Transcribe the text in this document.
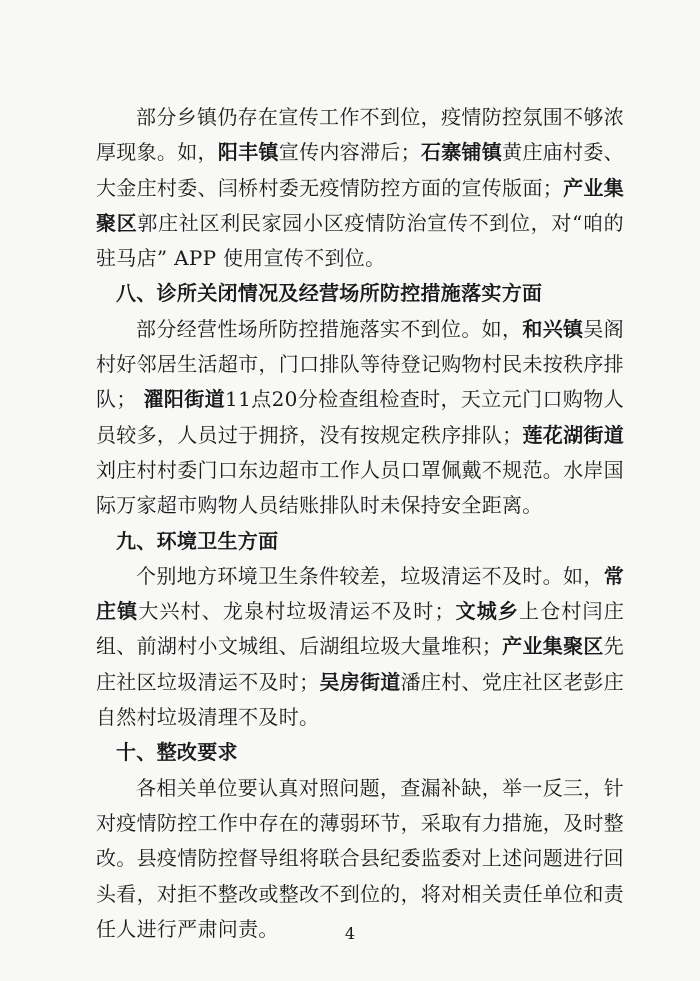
部分乡镇仍存在宣传工作不到位，疫情防控氛围不够浓厚现象。如，阳丰镇宣传内容滞后；石寨铺镇黄庄庙村委、大金庄村委、闫桥村委无疫情防控方面的宣传版面；产业集聚区郭庄社区利民家园小区疫情防治宣传不到位，对“咱的驻马店” APP 使用宣传不到位。

八、诊所关闭情况及经营场所防控措施落实方面

部分经营性场所防控措施落实不到位。如，和兴镇吴阁村好邻居生活超市，门口排队等待登记购物村民未按秩序排队； 濯阳街道11点20分检查组检查时，天立元门口购物人员较多，人员过于拥挤，没有按规定秩序排队；莲花湖街道刘庄村村委门口东边超市工作人员口罩佩戴不规范。水岸国际万家超市购物人员结账排队时未保持安全距离。

九、环境卫生方面

个别地方环境卫生条件较差，垃圾清运不及时。如，常庄镇大兴村、龙泉村垃圾清运不及时；文城乡上仓村闫庄组、前湖村小文城组、后湖组垃圾大量堆积；产业集聚区先庄社区垃圾清运不及时；吴房街道潘庄村、党庄社区老彭庄自然村垃圾清理不及时。

十、整改要求

各相关单位要认真对照问题，查漏补缺，举一反三，针对疫情防控工作中存在的薄弱环节，采取有力措施，及时整改。县疫情防控督导组将联合县纪委监委对上述问题进行回头看，对拒不整改或整改不到位的，将对相关责任单位和责任人进行严肃问责。	4
